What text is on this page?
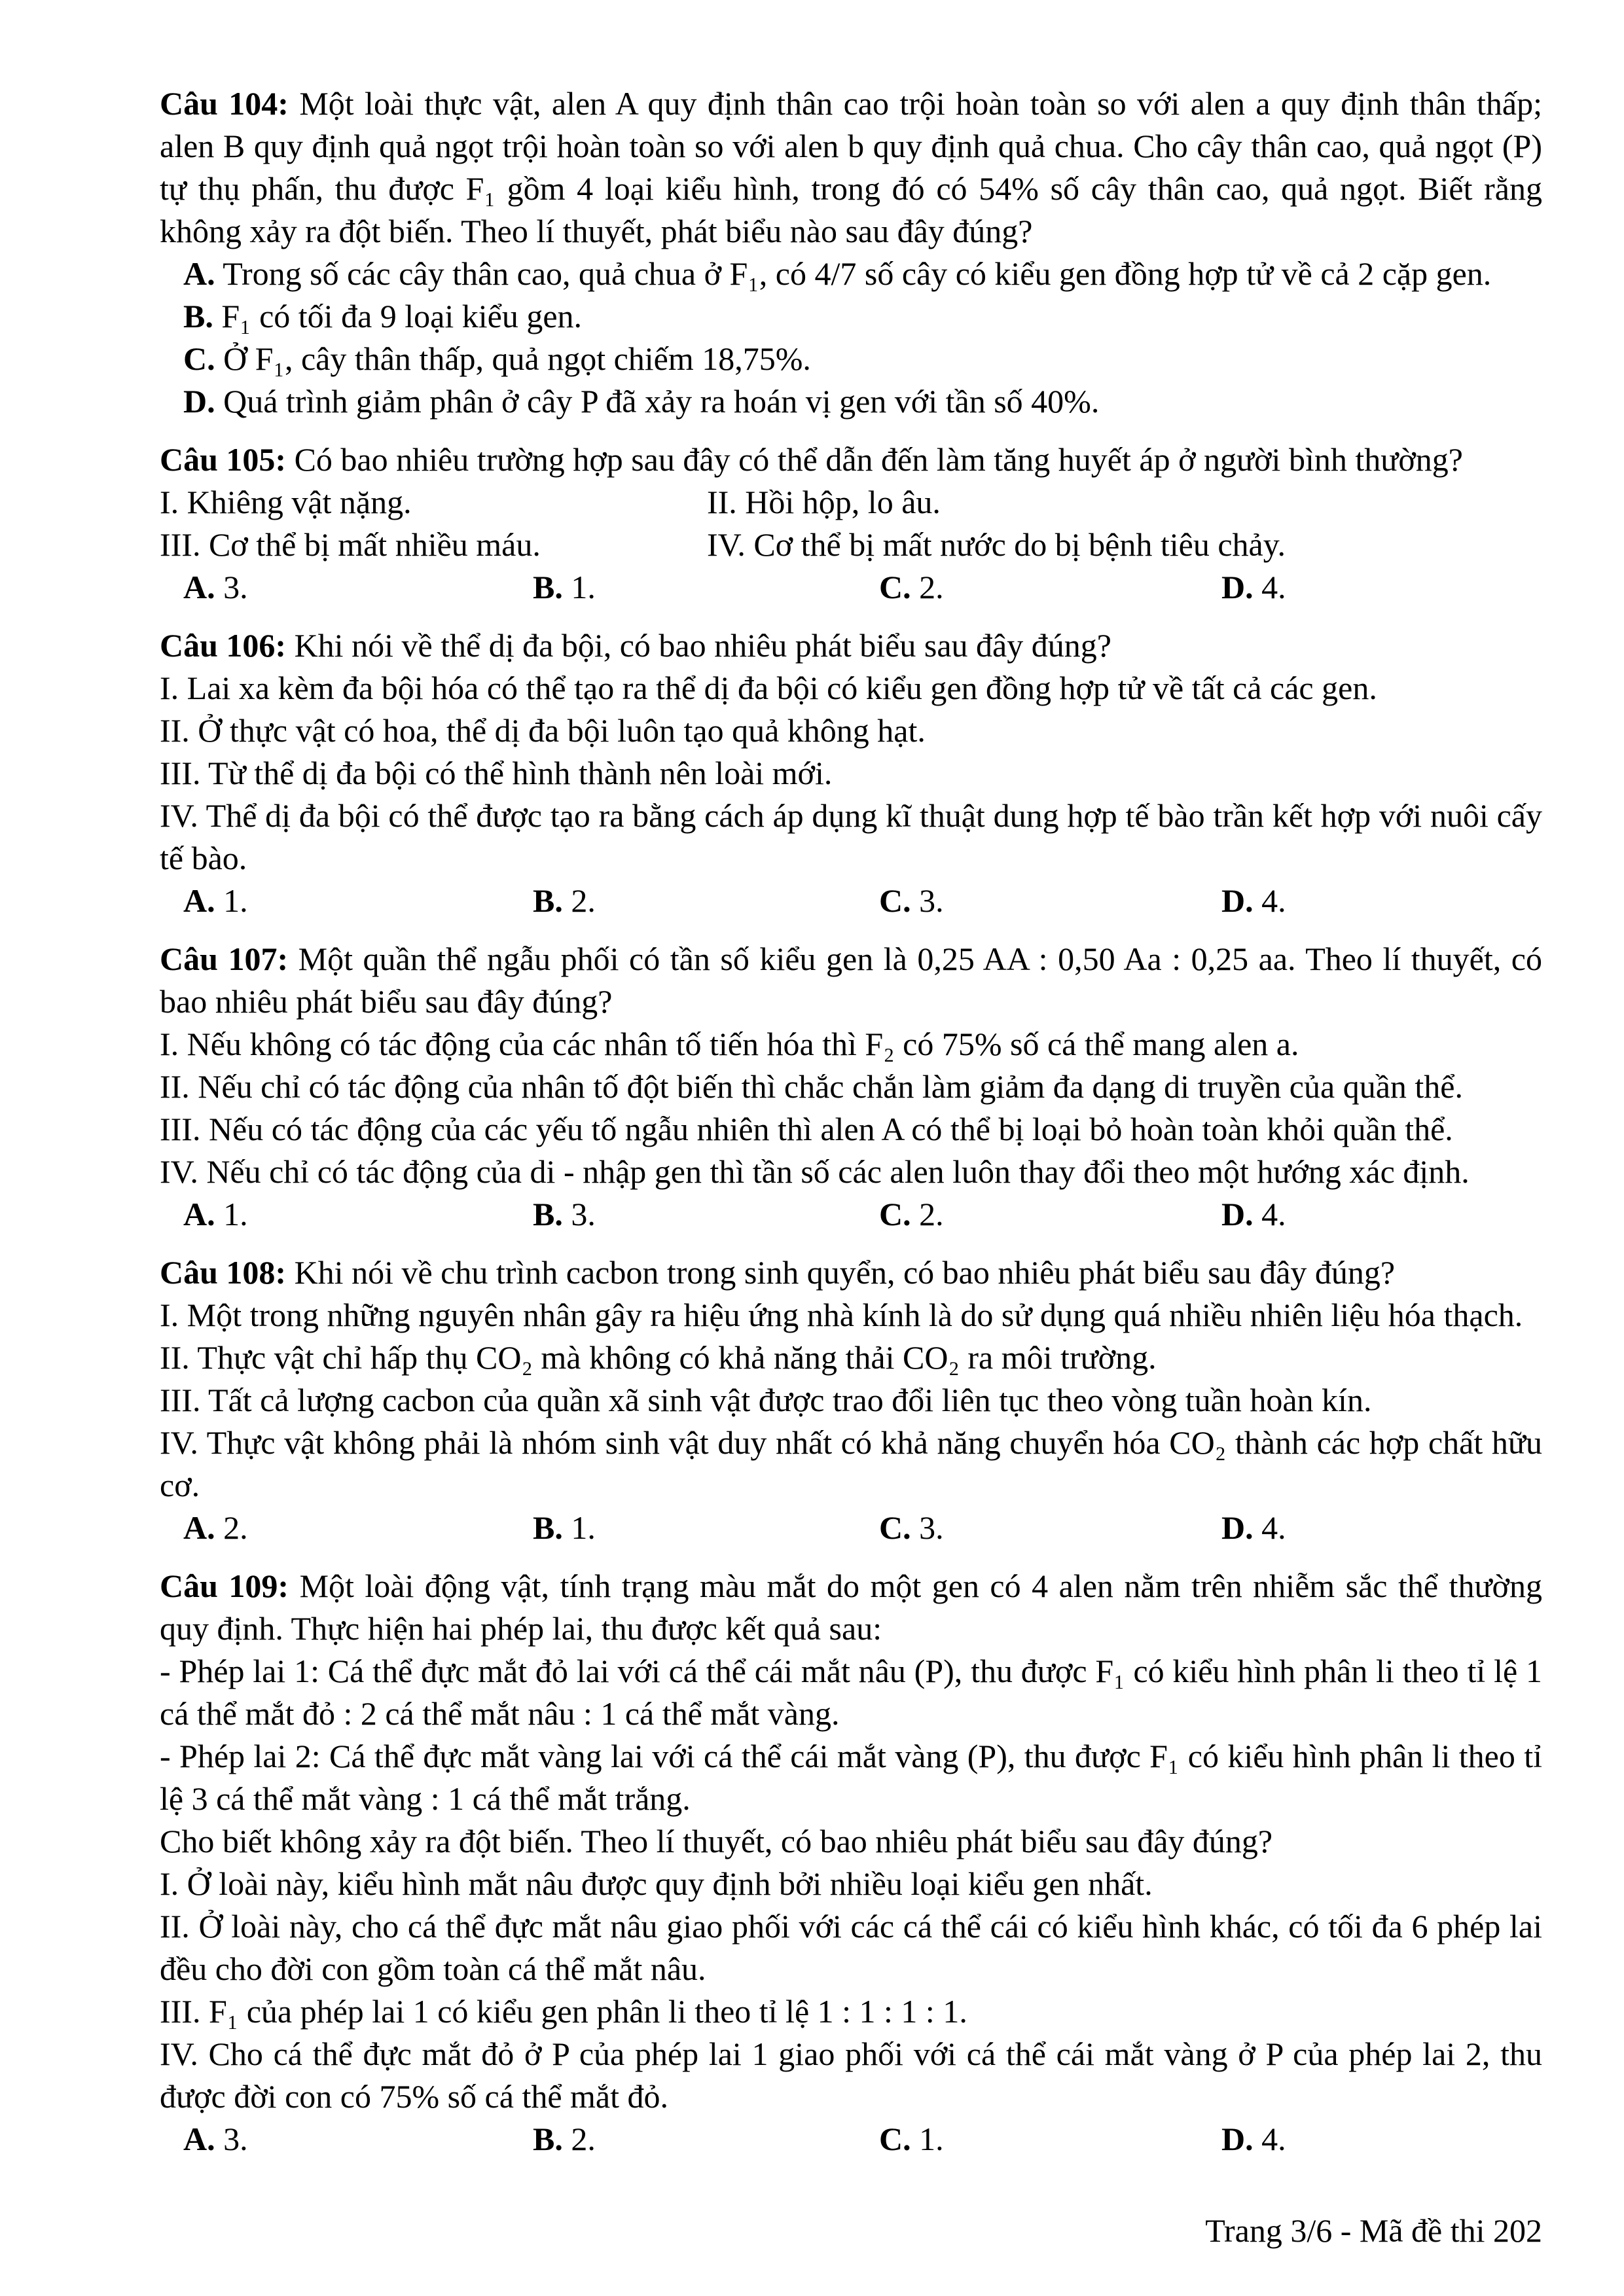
Câu 104: Một loài thực vật, alen A quy định thân cao trội hoàn toàn so với alen a quy định thân thấp; alen B quy định quả ngọt trội hoàn toàn so với alen b quy định quả chua. Cho cây thân cao, quả ngọt (P) tự thụ phấn, thu được F₁ gồm 4 loại kiểu hình, trong đó có 54% số cây thân cao, quả ngọt. Biết rằng không xảy ra đột biến. Theo lí thuyết, phát biểu nào sau đây đúng?

A. Trong số các cây thân cao, quả chua ở F₁, có 4/7 số cây có kiểu gen đồng hợp tử về cả 2 cặp gen.

B. F₁ có tối đa 9 loại kiểu gen.

C. Ở F₁, cây thân thấp, quả ngọt chiếm 18,75%.

D. Quá trình giảm phân ở cây P đã xảy ra hoán vị gen với tần số 40%.

Câu 105: Có bao nhiêu trường hợp sau đây có thể dẫn đến làm tăng huyết áp ở người bình thường?

I. Khiêng vật nặng.	II. Hồi hộp, lo âu.
III. Cơ thể bị mất nhiều máu.	IV. Cơ thể bị mất nước do bị bệnh tiêu chảy.
A. 3.	B. 1.	C. 2.	D. 4.

Câu 106: Khi nói về thể dị đa bội, có bao nhiêu phát biểu sau đây đúng?

I. Lai xa kèm đa bội hóa có thể tạo ra thể dị đa bội có kiểu gen đồng hợp tử về tất cả các gen.

II. Ở thực vật có hoa, thể dị đa bội luôn tạo quả không hạt.

III. Từ thể dị đa bội có thể hình thành nên loài mới.

IV. Thể dị đa bội có thể được tạo ra bằng cách áp dụng kĩ thuật dung hợp tế bào trần kết hợp với nuôi cấy tế bào.

A. 1.	B. 2.	C. 3.	D. 4.

Câu 107: Một quần thể ngẫu phối có tần số kiểu gen là 0,25 AA : 0,50 Aa : 0,25 aa. Theo lí thuyết, có bao nhiêu phát biểu sau đây đúng?

I. Nếu không có tác động của các nhân tố tiến hóa thì F₂ có 75% số cá thể mang alen a.

II. Nếu chỉ có tác động của nhân tố đột biến thì chắc chắn làm giảm đa dạng di truyền của quần thể.

III. Nếu có tác động của các yếu tố ngẫu nhiên thì alen A có thể bị loại bỏ hoàn toàn khỏi quần thể.

IV. Nếu chỉ có tác động của di - nhập gen thì tần số các alen luôn thay đổi theo một hướng xác định.

A. 1.	B. 3.	C. 2.	D. 4.

Câu 108: Khi nói về chu trình cacbon trong sinh quyển, có bao nhiêu phát biểu sau đây đúng?

I. Một trong những nguyên nhân gây ra hiệu ứng nhà kính là do sử dụng quá nhiều nhiên liệu hóa thạch.

II. Thực vật chỉ hấp thụ CO₂ mà không có khả năng thải CO₂ ra môi trường.

III. Tất cả lượng cacbon của quần xã sinh vật được trao đổi liên tục theo vòng tuần hoàn kín.

IV. Thực vật không phải là nhóm sinh vật duy nhất có khả năng chuyển hóa CO₂ thành các hợp chất hữu cơ.

A. 2.	B. 1.	C. 3.	D. 4.

Câu 109: Một loài động vật, tính trạng màu mắt do một gen có 4 alen nằm trên nhiễm sắc thể thường quy định. Thực hiện hai phép lai, thu được kết quả sau:

- Phép lai 1: Cá thể đực mắt đỏ lai với cá thể cái mắt nâu (P), thu được F₁ có kiểu hình phân li theo tỉ lệ 1 cá thể mắt đỏ : 2 cá thể mắt nâu : 1 cá thể mắt vàng.

- Phép lai 2: Cá thể đực mắt vàng lai với cá thể cái mắt vàng (P), thu được F₁ có kiểu hình phân li theo tỉ lệ 3 cá thể mắt vàng : 1 cá thể mắt trắng.

Cho biết không xảy ra đột biến. Theo lí thuyết, có bao nhiêu phát biểu sau đây đúng?

I. Ở loài này, kiểu hình mắt nâu được quy định bởi nhiều loại kiểu gen nhất.

II. Ở loài này, cho cá thể đực mắt nâu giao phối với các cá thể cái có kiểu hình khác, có tối đa 6 phép lai đều cho đời con gồm toàn cá thể mắt nâu.

III. F₁ của phép lai 1 có kiểu gen phân li theo tỉ lệ 1 : 1 : 1 : 1.

IV. Cho cá thể đực mắt đỏ ở P của phép lai 1 giao phối với cá thể cái mắt vàng ở P của phép lai 2, thu được đời con có 75% số cá thể mắt đỏ.

A. 3.	B. 2.	C. 1.	D. 4.
Trang 3/6 - Mã đề thi 202
